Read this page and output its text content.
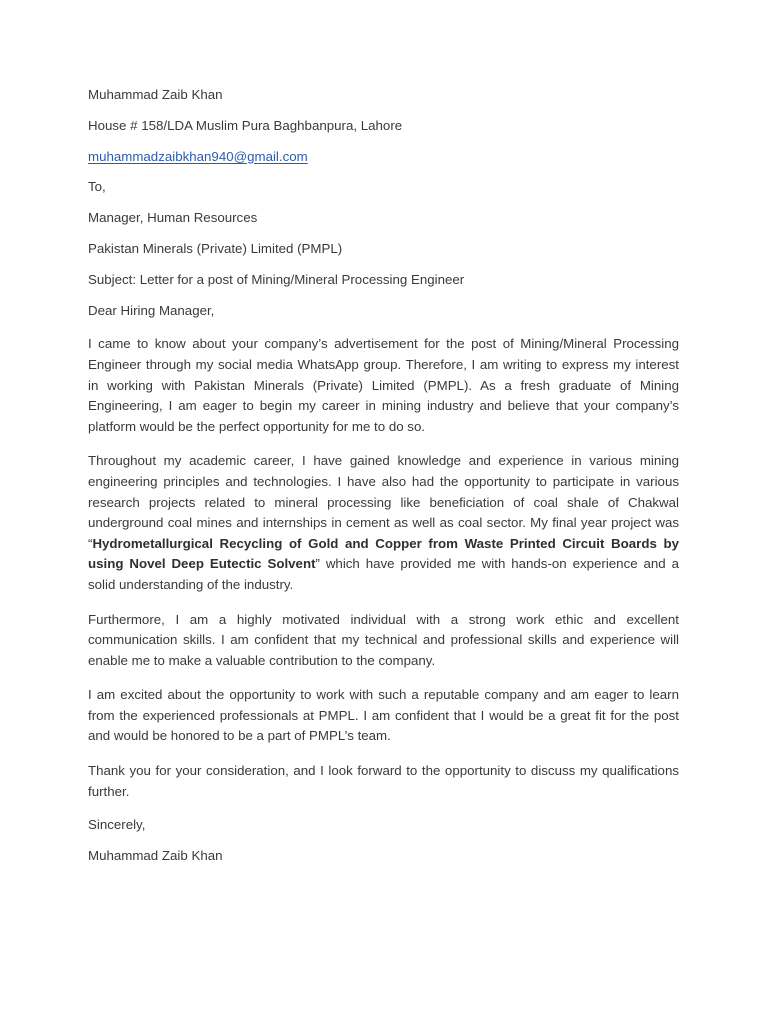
Muhammad Zaib Khan
House # 158/LDA Muslim Pura Baghbanpura, Lahore
muhammadzaibkhan940@gmail.com
To,
Manager, Human Resources
Pakistan Minerals (Private) Limited (PMPL)
Subject: Letter for a post of Mining/Mineral Processing Engineer
Dear Hiring Manager,

I came to know about your company’s advertisement for the post of Mining/Mineral Processing Engineer through my social media WhatsApp group. Therefore, I am writing to express my interest in working with Pakistan Minerals (Private) Limited (PMPL). As a fresh graduate of Mining Engineering, I am eager to begin my career in mining industry and believe that your company’s platform would be the perfect opportunity for me to do so.

Throughout my academic career, I have gained knowledge and experience in various mining engineering principles and technologies. I have also had the opportunity to participate in various research projects related to mineral processing like beneficiation of coal shale of Chakwal underground coal mines and internships in cement as well as coal sector. My final year project was “Hydrometallurgical Recycling of Gold and Copper from Waste Printed Circuit Boards by using Novel Deep Eutectic Solvent” which have provided me with hands-on experience and a solid understanding of the industry.

Furthermore, I am a highly motivated individual with a strong work ethic and excellent communication skills. I am confident that my technical and professional skills and experience will enable me to make a valuable contribution to the company.

I am excited about the opportunity to work with such a reputable company and am eager to learn from the experienced professionals at PMPL. I am confident that I would be a great fit for the post and would be honored to be a part of PMPL’s team.

Thank you for your consideration, and I look forward to the opportunity to discuss my qualifications further.

Sincerely,
Muhammad Zaib Khan
